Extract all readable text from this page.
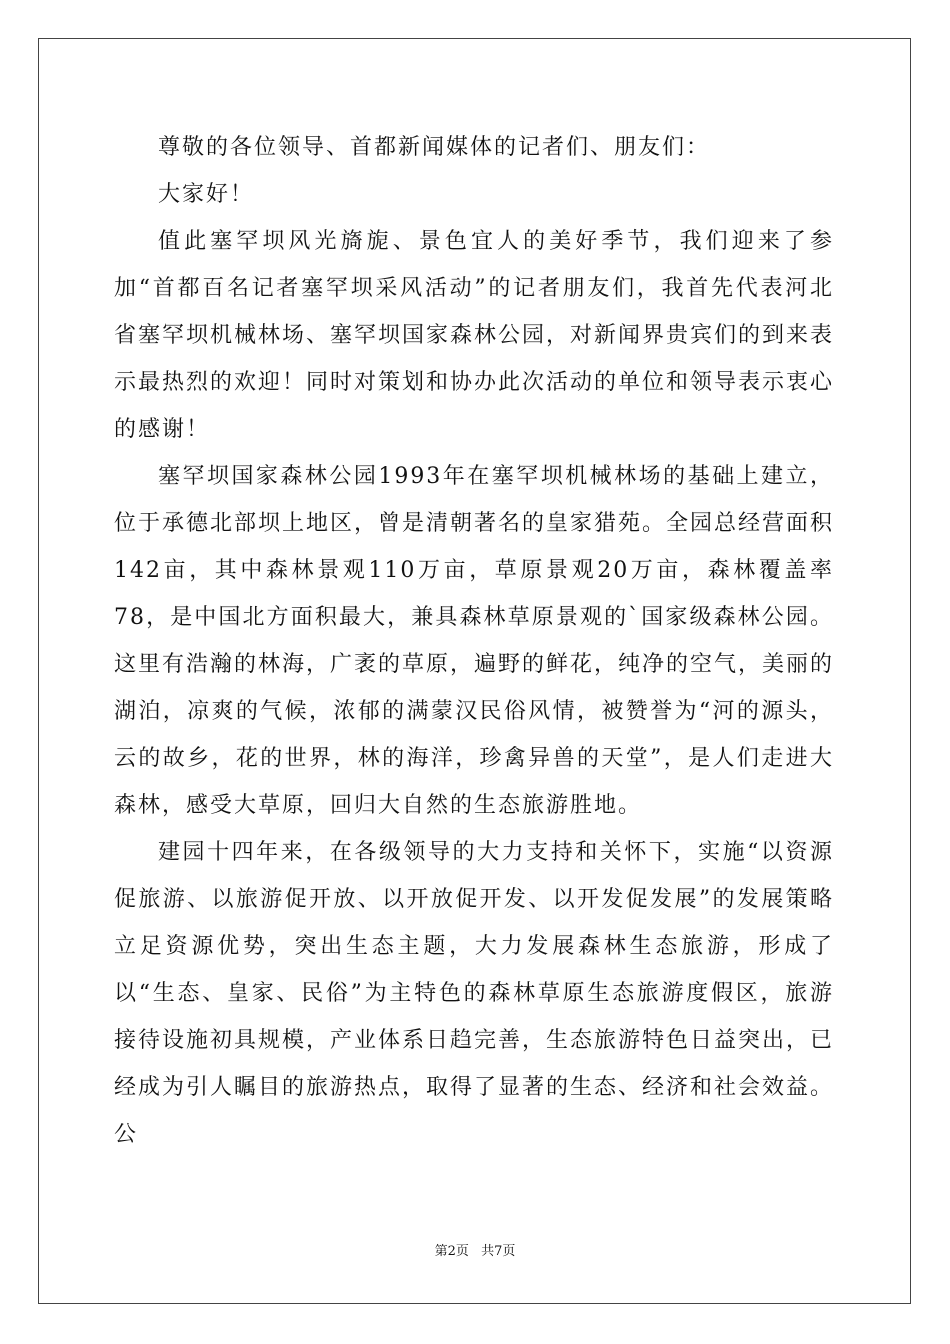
尊敬的各位领导、首都新闻媒体的记者们、朋友们：

大家好！

值此塞罕坝风光旖旎、景色宜人的美好季节，我们迎来了参加“首都百名记者塞罕坝采风活动”的记者朋友们，我首先代表河北省塞罕坝机械林场、塞罕坝国家森林公园，对新闻界贵宾们的到来表示最热烈的欢迎！同时对策划和协办此次活动的单位和领导表示衷心的感谢！

塞罕坝国家森林公园1993年在塞罕坝机械林场的基础上建立，位于承德北部坝上地区，曾是清朝著名的皇家猎苑。全园总经营面积142亩，其中森林景观110万亩，草原景观20万亩，森林覆盖率78，是中国北方面积最大，兼具森林草原景观的`国家级森林公园。这里有浩瀚的林海，广袤的草原，遍野的鲜花，纯净的空气，美丽的湖泊，凉爽的气候，浓郁的满蒙汉民俗风情，被赞誉为“河的源头，云的故乡，花的世界，林的海洋，珍禽异兽的天堂”，是人们走进大森林，感受大草原，回归大自然的生态旅游胜地。

建园十四年来，在各级领导的大力支持和关怀下，实施“以资源促旅游、以旅游促开放、以开放促开发、以开发促发展”的发展策略立足资源优势，突出生态主题，大力发展森林生态旅游，形成了以“生态、皇家、民俗”为主特色的森林草原生态旅游度假区，旅游接待设施初具规模，产业体系日趋完善，生态旅游特色日益突出，已经成为引人瞩目的旅游热点，取得了显著的生态、经济和社会效益。公

第2页 共7页
